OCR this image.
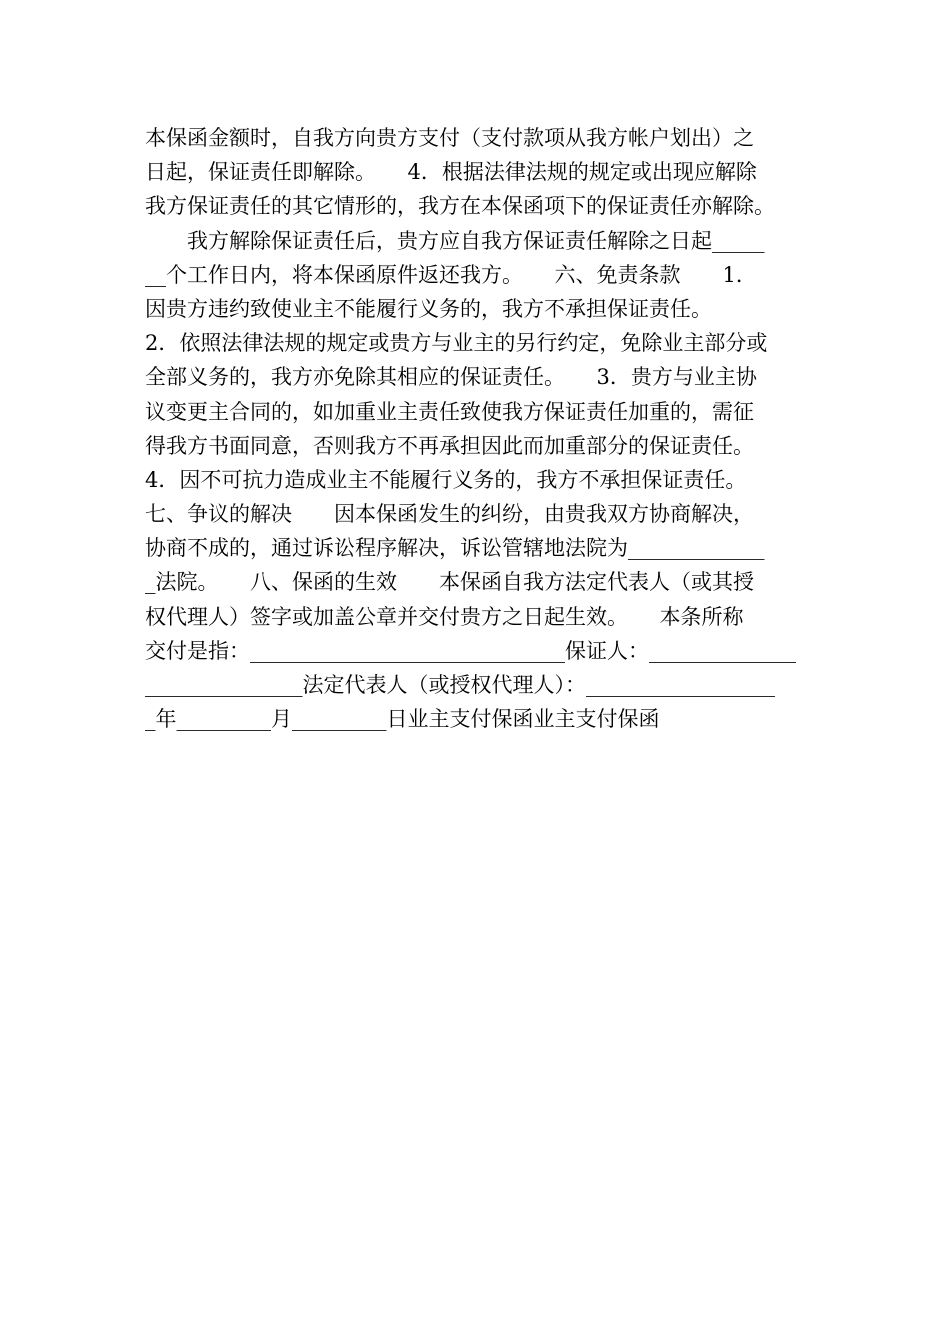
本保函金额时，自我方向贵方支付（支付款项从我方帐户划出）之
日起，保证责任即解除。　　4．根据法律法规的规定或出现应解除
我方保证责任的其它情形的，我方在本保函项下的保证责任亦解除。
　　我方解除保证责任后，贵方应自我方保证责任解除之日起_____
__个工作日内，将本保函原件返还我方。　　六、免责条款　　1．
因贵方违约致使业主不能履行义务的，我方不承担保证责任。
2．依照法律法规的规定或贵方与业主的另行约定，免除业主部分或
全部义务的，我方亦免除其相应的保证责任。　　3．贵方与业主协
议变更主合同的，如加重业主责任致使我方保证责任加重的，需征
得我方书面同意，否则我方不再承担因此而加重部分的保证责任。
4．因不可抗力造成业主不能履行义务的，我方不承担保证责任。
七、争议的解决　　因本保函发生的纠纷，由贵我双方协商解决，
协商不成的，通过诉讼程序解决，诉讼管辖地法院为_____________
_法院。　　八、保函的生效　　本保函自我方法定代表人（或其授
权代理人）签字或加盖公章并交付贵方之日起生效。　　本条所称
交付是指：______________________________保证人：______________
_______________法定代表人（或授权代理人）：__________________
_年_________月_________日业主支付保函业主支付保函
